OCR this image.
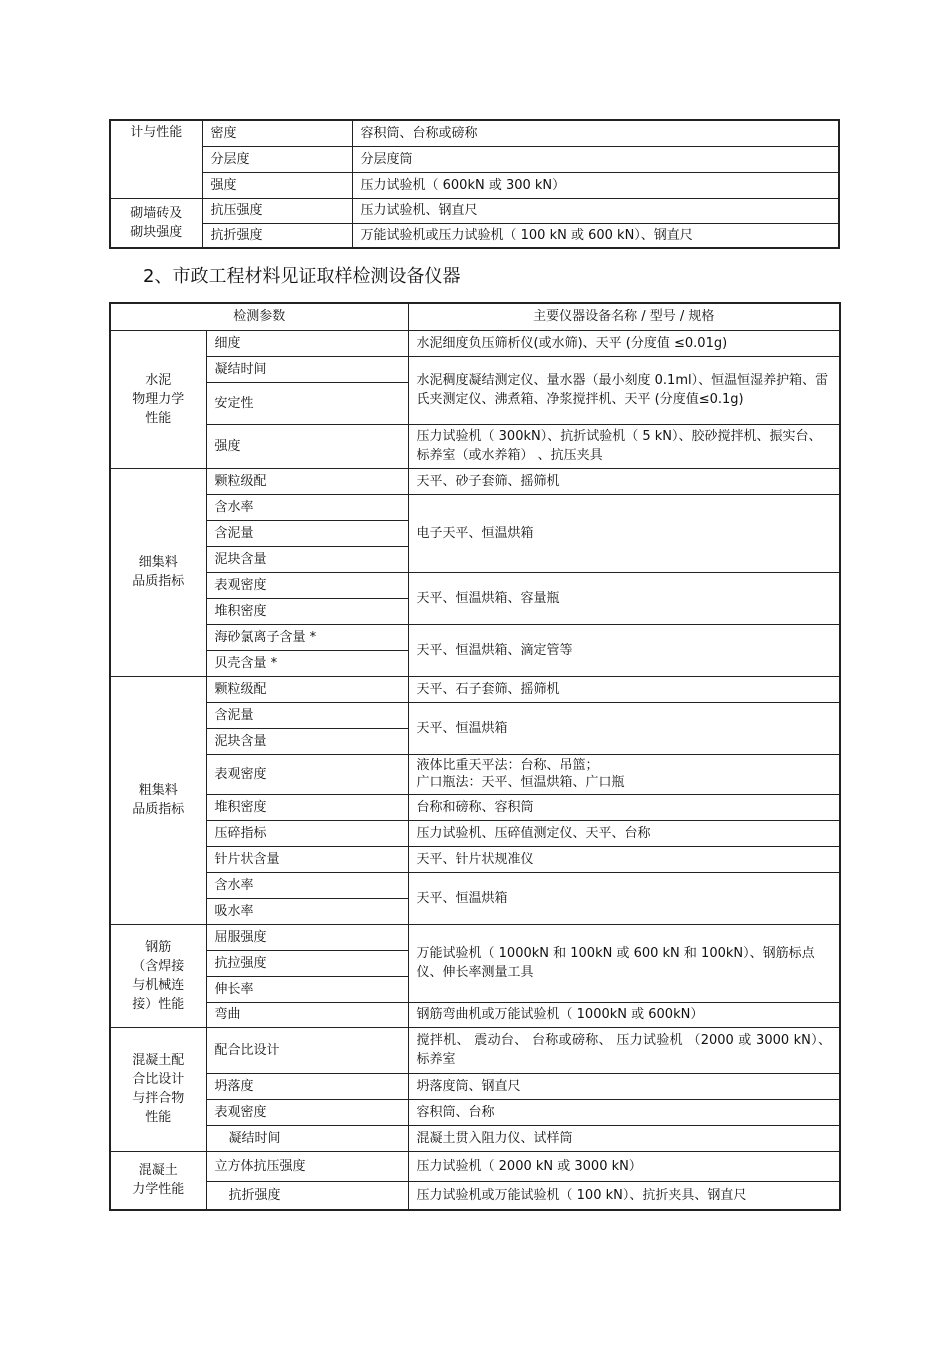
计与性能	密度	容积筒、台称或磅称
	分层度	分层度筒
	强度	压力试验机（ 600kN 或 300 kN）
砌墙砖及
砌块强度	抗压强度	压力试验机、钢直尺
	抗折强度	万能试验机或压力试验机（ 100 kN 或 600 kN）、钢直尺
2、市政工程材料见证取样检测设备仪器
检测参数		主要仪器设备名称 / 型号 / 规格
水泥
物理力学
性能	细度	水泥细度负压筛析仪(或水筛)、天平 (分度值 ≤0.01g)
	凝结时间	水泥稠度凝结测定仪、量水器（最小刻度 0.1ml）、恒温恒湿养护箱、雷氏夹测定仪、沸煮箱、净浆搅拌机、天平 (分度值≤0.1g)
	安定性	
	强度	压力试验机（ 300kN）、抗折试验机（ 5 kN）、胶砂搅拌机、振实台、标养室（或水养箱） 、抗压夹具
细集料
品质指标	颗粒级配	天平、砂子套筛、摇筛机
	含水率	电子天平、恒温烘箱
	含泥量	
	泥块含量	
	表观密度	天平、恒温烘箱、容量瓶
	堆积密度	
	海砂氯离子含量 *	天平、恒温烘箱、滴定管等
	贝壳含量 *	
粗集料
品质指标	颗粒级配	天平、石子套筛、摇筛机
	含泥量	天平、恒温烘箱
	泥块含量	
	表观密度	液体比重天平法：台称、吊篮；
广口瓶法：天平、恒温烘箱、广口瓶
	堆积密度	台称和磅称、容积筒
	压碎指标	压力试验机、压碎值测定仪、天平、台称
	针片状含量	天平、针片状规准仪
	含水率	天平、恒温烘箱
	吸水率	
钢筋
（含焊接
与机械连
接）性能	屈服强度	万能试验机（ 1000kN 和 100kN 或 600 kN 和 100kN）、钢筋标点仪、伸长率测量工具
	抗拉强度	
	伸长率	
	弯曲	钢筋弯曲机或万能试验机（ 1000kN 或 600kN）
混凝土配
合比设计
与拌合物
性能	配合比设计	搅拌机、 震动台、 台称或磅称、 压力试验机 （2000 或 3000 kN）、标养室
	坍落度	坍落度筒、钢直尺
	表观密度	容积筒、台称
	凝结时间	混凝土贯入阻力仪、试样筒
混凝土
力学性能	立方体抗压强度	压力试验机（ 2000 kN 或 3000 kN）
	抗折强度	压力试验机或万能试验机（ 100 kN）、抗折夹具、钢直尺
